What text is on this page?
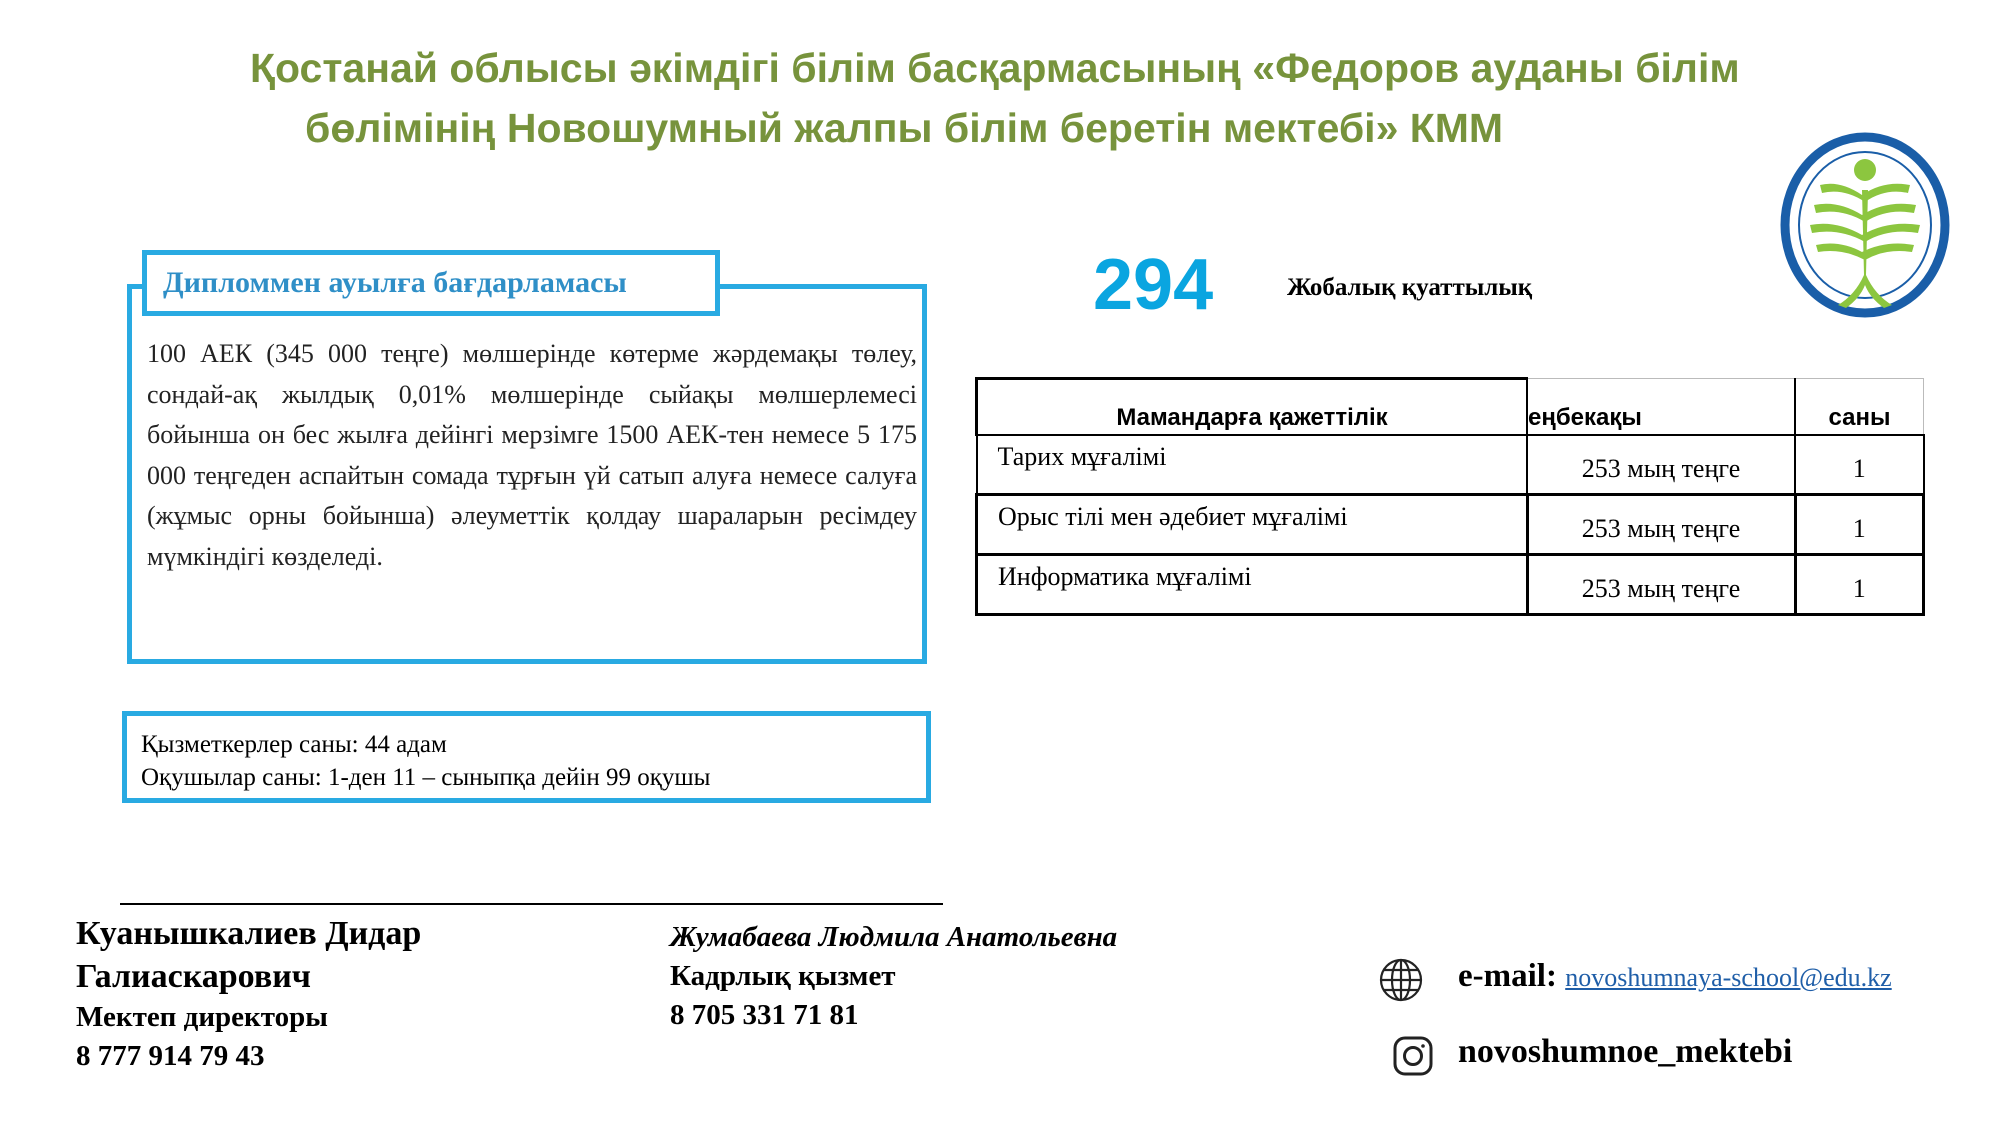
Қостанай облысы әкімдігі білім басқармасының «Федоров ауданы білім
бөлімінің Новошумный жалпы білім беретін мектебі» КММ
Дипломмен ауылға бағдарламасы
100 АЕК (345 000 теңге) мөлшерінде көтерме жәрдемақы төлеу, сондай-ақ жылдық 0,01% мөлшерінде сыйақы мөлшерлемесі бойынша он бес жылға дейінгі мерзімге 1500 АЕК-тен немесе 5 175 000 теңгеден аспайтын сомада тұрғын үй сатып алуға немесе салуға (жұмыс орны бойынша) әлеуметтік қолдау шараларын ресімдеу мүмкіндігі көзделеді.
Қызметкерлер саны: 44 адам
Оқушылар саны: 1-ден 11 – сыныпқа дейін 99 оқушы
294	Жобалық қуаттылық
Мамандарға қажеттілік	еңбекақы	саны
Тарих мұғалімі	253 мың теңге	1
Орыс тілі мен әдебиет мұғалімі	253 мың теңге	1
Информатика мұғалімі	253 мың теңге	1
Куанышкалиев Дидар
Галиаскарович
Мектеп директоры
8 777 914 79 43
Жумабаева Людмила Анатольевна
Кадрлық қызмет
8 705 331 71 81
e-mail: novoshumnaya-school@edu.kz
novoshumnoe_mektebi
